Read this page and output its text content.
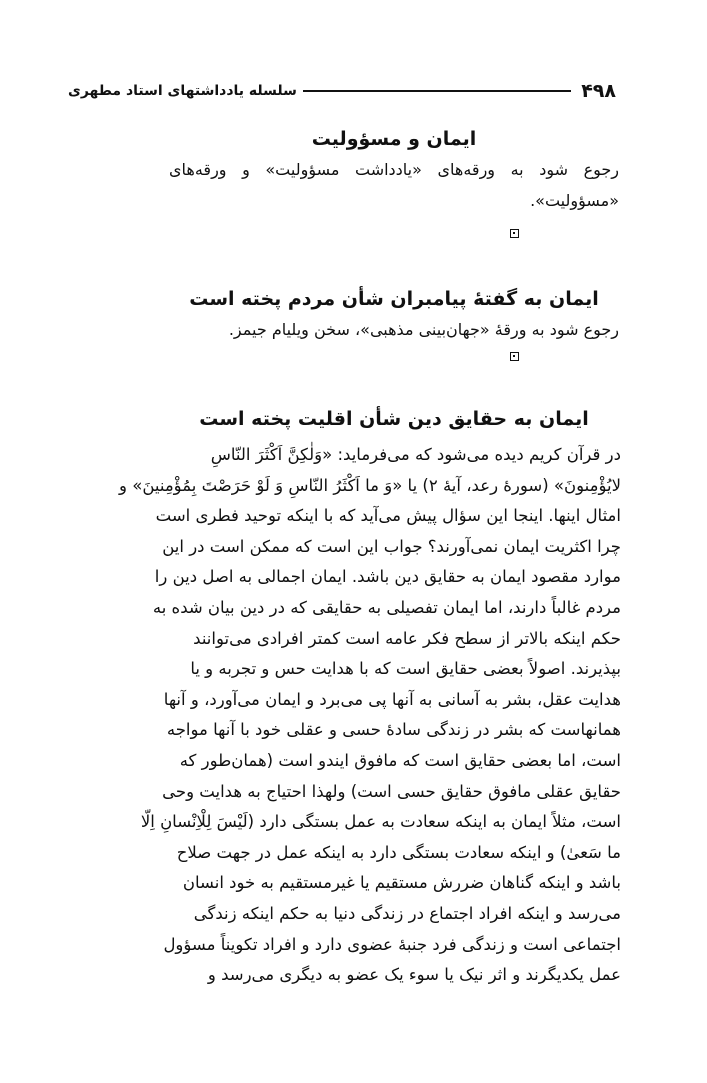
۴۹۸
سلسله یادداشتهای استاد مطهری
ایمان و مسؤولیت

رجوع شود به ورقه‌های «یادداشت مسؤولیت» و ورقه‌های «مسؤولیت».

ایمان به گفتهٔ پیامبران شأن مردم پخته است

رجوع شود به ورقهٔ «جهان‌بینی مذهبی»، سخن ویلیام جیمز.

ایمان به حقایق دین شأن اقلیت پخته است
در قرآن کریم دیده می‌شود که می‌فرماید: «وَلٰکِنَّ اَکْثَرَ النّاسِ
لایُؤْمِنونَ» (سورهٔ رعد، آیهٔ ۲) یا «وَ ما اَکْثَرُ النّاسِ وَ لَوْ حَرَصْتَ بِمُؤْمِنینَ» و
امثال اینها. اینجا این سؤال پیش می‌آید که با اینکه توحید فطری است
چرا اکثریت ایمان نمی‌آورند؟ جواب این است که ممکن است در این
موارد مقصود ایمان به حقایق دین باشد. ایمان اجمالی به اصل دین را
مردم غالباً دارند، اما ایمان تفصیلی به حقایقی که در دین بیان شده به
حکم اینکه بالاتر از سطح فکر عامه است کمتر افرادی می‌توانند
بپذیرند. اصولاً بعضی حقایق است که با هدایت حس و تجربه و یا
هدایت عقل، بشر به آسانی به آنها پی می‌برد و ایمان می‌آورد، و آنها
همانهاست که بشر در زندگی سادهٔ حسی و عقلی خود با آنها مواجه
است، اما بعضی حقایق است که مافوق ایندو است (همان‌طور که
حقایق عقلی مافوق حقایق حسی است) ولهذا احتیاج به هدایت وحی
است، مثلاً ایمان به اینکه سعادت به عمل بستگی دارد (لَیْسَ لِلْاِنْسانِ اِلّا
ما سَعیٰ) و اینکه سعادت بستگی دارد به اینکه عمل در جهت صلاح
باشد و اینکه گناهان ضررش مستقیم یا غیرمستقیم به خود انسان
می‌رسد و اینکه افراد اجتماع در زندگی دنیا به حکم اینکه زندگی
اجتماعی است و زندگی فرد جنبهٔ عضوی دارد و افراد تکویناً مسؤول
عمل یکدیگرند و اثر نیک یا سوء یک عضو به دیگری می‌رسد و
